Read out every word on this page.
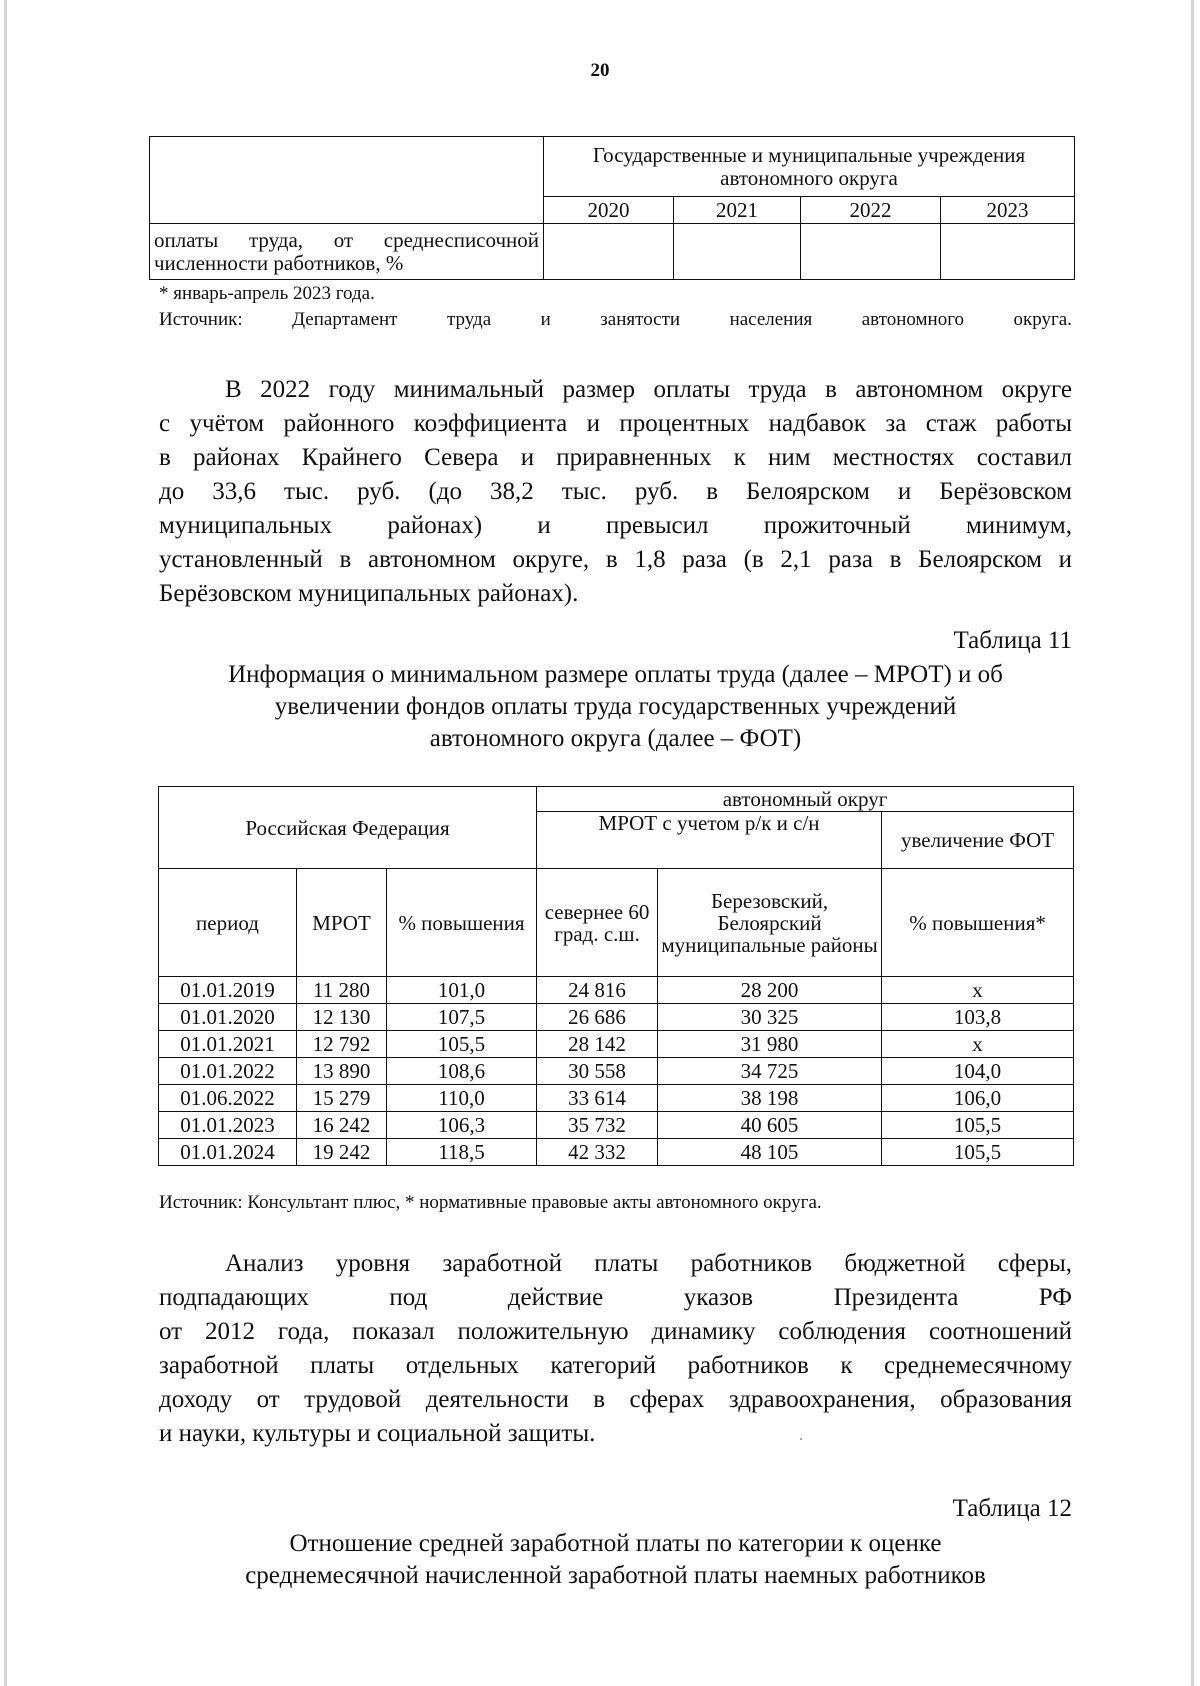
20
	Государственные и муниципальные учреждения автономного округа			
	2020	2021	2022	2023
оплаты труда, от среднесписочной численности работников, %				
* январь-апрель 2023 года.
Источник: Департамент труда и занятости населения автономного округа.
В 2022 году минимальный размер оплаты труда в автономном округе
с учётом районного коэффициента и процентных надбавок за стаж работы
в районах Крайнего Севера и приравненных к ним местностях составил
до 33,6 тыс. руб. (до 38,2 тыс. руб. в Белоярском и Берёзовском
муниципальных районах) и превысил прожиточный минимум,
установленный в автономном округе, в 1,8 раза (в 2,1 раза в Белоярском и
Берёзовском муниципальных районах).
Таблица 11
Информация о минимальном размере оплаты труда (далее – МРОТ) и об
увеличении фондов оплаты труда государственных учреждений
автономного округа (далее – ФОТ)
Российская Федерация			автономный округ		
			МРОТ с учетом р/к и с/н		увеличение ФОТ
период	МРОТ	% повышения	севернее 60 град. с.ш.	Березовский, Белоярский муниципальные районы	% повышения*
01.01.2019	11 280	101,0	24 816	28 200	х
01.01.2020	12 130	107,5	26 686	30 325	103,8
01.01.2021	12 792	105,5	28 142	31 980	х
01.01.2022	13 890	108,6	30 558	34 725	104,0
01.06.2022	15 279	110,0	33 614	38 198	106,0
01.01.2023	16 242	106,3	35 732	40 605	105,5
01.01.2024	19 242	118,5	42 332	48 105	105,5
Источник: Консультант плюс, * нормативные правовые акты автономного округа.
Анализ уровня заработной платы работников бюджетной сферы,
подпадающих под действие указов Президента РФ
от 2012 года, показал положительную динамику соблюдения соотношений
заработной платы отдельных категорий работников к среднемесячному
доходу от трудовой деятельности в сферах здравоохранения, образования
и науки, культуры и социальной защиты.
Таблица 12
Отношение средней заработной платы по категории к оценке
среднемесячной начисленной заработной платы наемных работников
